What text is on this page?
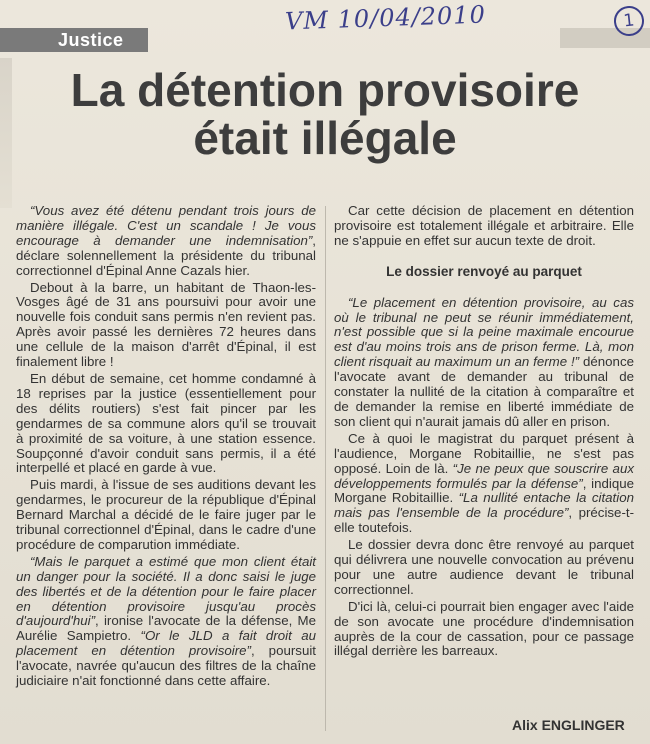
VM 10/04/2010	1
Justice
La détention provisoire
était illégale

“Vous avez été détenu pendant trois jours de manière illégale. C'est un scandale ! Je vous encourage à demander une indemnisation”, déclare solennellement la présidente du tribunal correctionnel d'Épinal Anne Cazals hier.

Debout à la barre, un habitant de Thaon-les-Vosges âgé de 31 ans poursuivi pour avoir une nouvelle fois conduit sans permis n'en revient pas. Après avoir passé les dernières 72 heures dans une cellule de la maison d'arrêt d'Épinal, il est finalement libre !

En début de semaine, cet homme condamné à 18 reprises par la justice (essentiellement pour des délits routiers) s'est fait pincer par les gendarmes de sa commune alors qu'il se trouvait à proximité de sa voiture, à une station essence. Soupçonné d'avoir conduit sans permis, il a été interpellé et placé en garde à vue.

Puis mardi, à l'issue de ses auditions devant les gendarmes, le procureur de la république d'Épinal Bernard Marchal a décidé de le faire juger par le tribunal correctionnel d'Épinal, dans le cadre d'une procédure de comparution immédiate.

“Mais le parquet a estimé que mon client était un danger pour la société. Il a donc saisi le juge des libertés et de la détention pour le faire placer en détention provisoire jusqu'au procès d'aujourd'hui”, ironise l'avocate de la défense, Me Aurélie Sampietro. “Or le JLD a fait droit au placement en détention provisoire”, poursuit l'avocate, navrée qu'aucun des filtres de la chaîne judiciaire n'ait fonctionné dans cette affaire.

Car cette décision de placement en détention provisoire est totalement illégale et arbitraire. Elle ne s'appuie en effet sur aucun texte de droit.

Le dossier renvoyé au parquet

“Le placement en détention provisoire, au cas où le tribunal ne peut se réunir immédiatement, n'est possible que si la peine maximale encourue est d'au moins trois ans de prison ferme. Là, mon client risquait au maximum un an ferme !” dénonce l'avocate avant de demander au tribunal de constater la nullité de la citation à comparaître et de demander la remise en liberté immédiate de son client qui n'aurait jamais dû aller en prison.

Ce à quoi le magistrat du parquet présent à l'audience, Morgane Robitaillie, ne s'est pas opposé. Loin de là. “Je ne peux que souscrire aux développements formulés par la défense”, indique Morgane Robitaillie. “La nullité entache la citation mais pas l'ensemble de la procédure”, précise-t-elle toutefois.

Le dossier devra donc être renvoyé au parquet qui délivrera une nouvelle convocation au prévenu pour une autre audience devant le tribunal correctionnel.

D'ici là, celui-ci pourrait bien engager avec l'aide de son avocate une procédure d'indemnisation auprès de la cour de cassation, pour ce passage illégal derrière les barreaux.

Alix ENGLINGER
